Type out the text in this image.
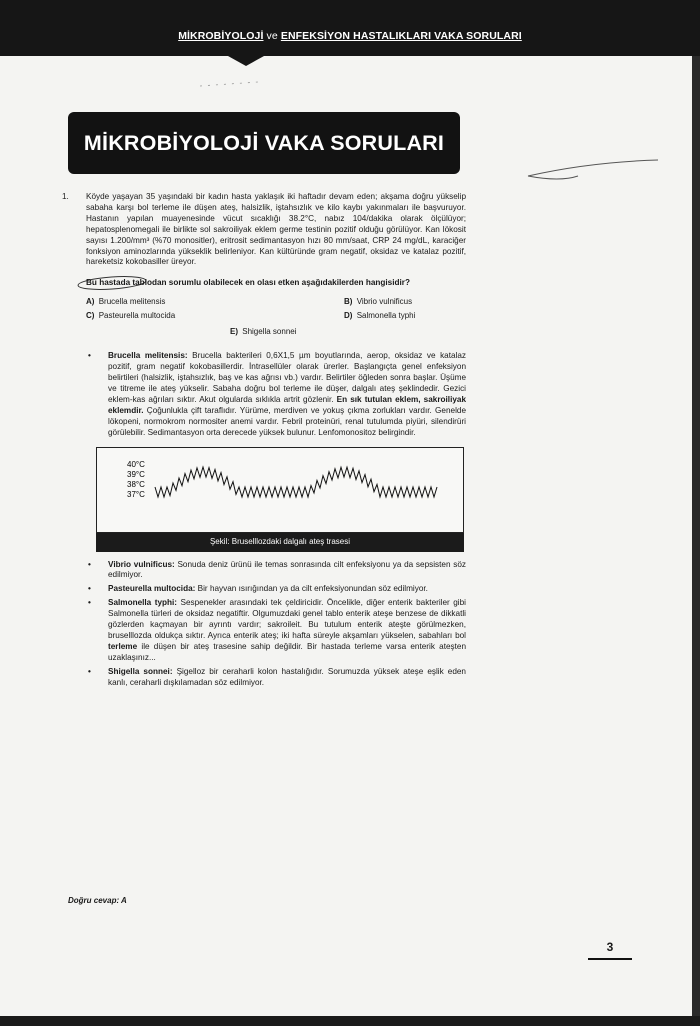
MİKROBİYOLOJİ ve ENFEKSİYON HASTALIKLARI VAKA SORULARI
MİKROBİYOLOJİ VAKA SORULARI
1.	Köyde yaşayan 35 yaşındaki bir kadın hasta yaklaşık iki haftadır devam eden; akşama doğru yükselip sabaha karşı bol terleme ile düşen ateş, halsizlik, iştahsızlık ve kilo kaybı yakınmaları ile başvuruyor. Hastanın yapılan muayenesinde vücut sıcaklığı 38.2°C, nabız 104/dakika olarak ölçülüyor; hepatosplenomegali ile birlikte sol sakroiliyak eklem germe testinin pozitif olduğu görülüyor. Kan lökosit sayısı 1.200/mm³ (%70 monositler), eritrosit sedimantasyon hızı 80 mm/saat, CRP 24 mg/dL, karaciğer fonksiyon aminozlarında yükseklik belirleniyor. Kan kültüründe gram negatif, oksidaz ve katalaz pozitif, hareketsiz kokobasiller üreyor.
Bu hastada tablodan sorumlu olabilecek en olası etken aşağıdakilerden hangisidir?
A) Brucella melitensis	B) Vibrio vulnificus
C) Pasteurella multocida	D) Salmonella typhi
E) Shigella sonnei
•	Brucella melitensis: Brucella bakterileri 0,6X1,5 µm boyutlarında, aerop, oksidaz ve katalaz pozitif, gram negatif kokobasillerdir. İntrasellüler olarak ürerler. Başlangıçta genel enfeksiyon belirtileri (halsizlik, iştahsızlık, baş ve kas ağrısı vb.) vardır. Belirtiler öğleden sonra başlar. Üşüme ve titreme ile ateş yükselir. Sabaha doğru bol terleme ile düşer, dalgalı ateş şeklindedir. Gezici eklem-kas ağrıları sıktır. Akut olgularda sıklıkla artrit gözlenir. En sık tutulan eklem, sakroiliyak eklemdir. Çoğunlukla çift taraflıdır. Yürüme, merdiven ve yokuş çıkma zorlukları vardır. Genelde lökopeni, normokrom normositer anemi vardır. Febril proteinüri, renal tutulumda piyüri, silendirüri görülebilir. Sedimantasyon orta derecede yüksek bulunur. Lenfomonositoz belirgindir.
40°C
39°C
38°C
37°C
Şekil: Bruselllozdaki dalgalı ateş trasesi
•	Vibrio vulnificus: Sonuda deniz ürünü ile temas sonrasında cilt enfeksiyonu ya da sepsisten söz edilmiyor.
•	Pasteurella multocida: Bir hayvan ısırığından ya da cilt enfeksiyonundan söz edilmiyor.
•	Salmonella typhi: Sespenekler arasındaki tek çeldiricidir. Öncelikle, diğer enterik bakteriler gibi Salmonella türleri de oksidaz negatiftir. Olgumuzdaki genel tablo enterik ateşe benzese de dikkatli gözlerden kaçmayan bir ayrıntı vardır; sakroileit. Bu tutulum enterik ateşte görülmezken, bruselllozda oldukça sıktır. Ayrıca enterik ateş; iki hafta süreyle akşamları yükselen, sabahları bol terleme ile düşen bir ateş trasesine sahip değildir. Bir hastada terleme varsa enterik ateşten uzaklaşınız...
•	Shigella sonnei: Şigelloz bir ceraharli kolon hastalığıdır. Sorumuzda yüksek ateşe eşlik eden kanlı, ceraharli dışkılamadan söz edilmiyor.
Doğru cevap: A
3
